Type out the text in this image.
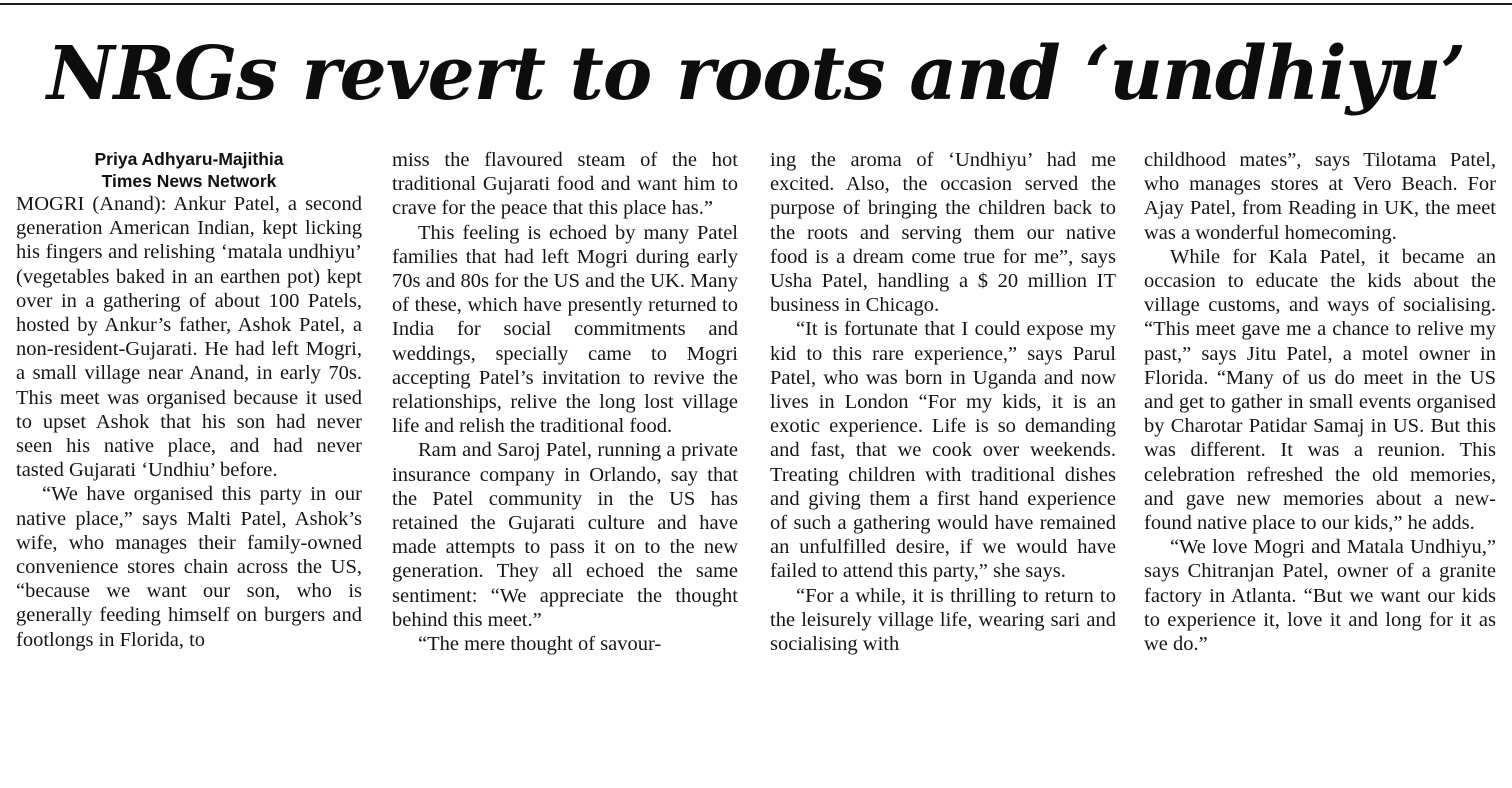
NRGs revert to roots and ‘undhiyu’

Priya Adhyaru-Majithia

Times News Network

MOGRI (Anand): Ankur Patel, a second generation American Indian, kept licking his fingers and relishing ‘matala undhiyu’ (vegetables baked in an earthen pot) kept over in a gathering of about 100 Patels, hosted by Ankur’s father, Ashok Patel, a non-resident-Gujarati. He had left Mogri, a small village near Anand, in early 70s. This meet was organised because it used to upset Ashok that his son had never seen his native place, and had never tasted Gujarati ‘Undhiu’ before.

“We have organised this party in our native place,” says Malti Patel, Ashok’s wife, who manages their family-owned convenience stores chain across the US, “because we want our son, who is generally feeding himself on burgers and footlongs in Florida, to

miss the flavoured steam of the hot traditional Gujarati food and want him to crave for the peace that this place has.”

This feeling is echoed by many Patel families that had left Mogri during early 70s and 80s for the US and the UK. Many of these, which have presently returned to India for social commitments and weddings, specially came to Mogri accepting Patel’s invitation to revive the relationships, relive the long lost village life and relish the traditional food.

Ram and Saroj Patel, running a private insurance company in Orlando, say that the Patel community in the US has retained the Gujarati culture and have made attempts to pass it on to the new generation. They all echoed the same sentiment: “We appreciate the thought behind this meet.”

“The mere thought of savour-

ing the aroma of ‘Undhiyu’ had me excited. Also, the occasion served the purpose of bringing the children back to the roots and serving them our native food is a dream come true for me”, says Usha Patel, handling a $ 20 million IT business in Chicago.

“It is fortunate that I could expose my kid to this rare experience,” says Parul Patel, who was born in Uganda and now lives in London “For my kids, it is an exotic experience. Life is so demanding and fast, that we cook over weekends. Treating children with traditional dishes and giving them a first hand experience of such a gathering would have remained an unfulfilled desire, if we would have failed to attend this party,” she says.

“For a while, it is thrilling to return to the leisurely village life, wearing sari and socialising with

childhood mates”, says Tilotama Patel, who manages stores at Vero Beach. For Ajay Patel, from Reading in UK, the meet was a wonderful homecoming.

While for Kala Patel, it became an occasion to educate the kids about the village customs, and ways of socialising. “This meet gave me a chance to relive my past,” says Jitu Patel, a motel owner in Florida. “Many of us do meet in the US and get to gather in small events organised by Charotar Patidar Samaj in US. But this was different. It was a reunion. This celebration refreshed the old memories, and gave new memories about a new-found native place to our kids,” he adds.

“We love Mogri and Matala Undhiyu,” says Chitranjan Patel, owner of a granite factory in Atlanta. “But we want our kids to experience it, love it and long for it as we do.”
